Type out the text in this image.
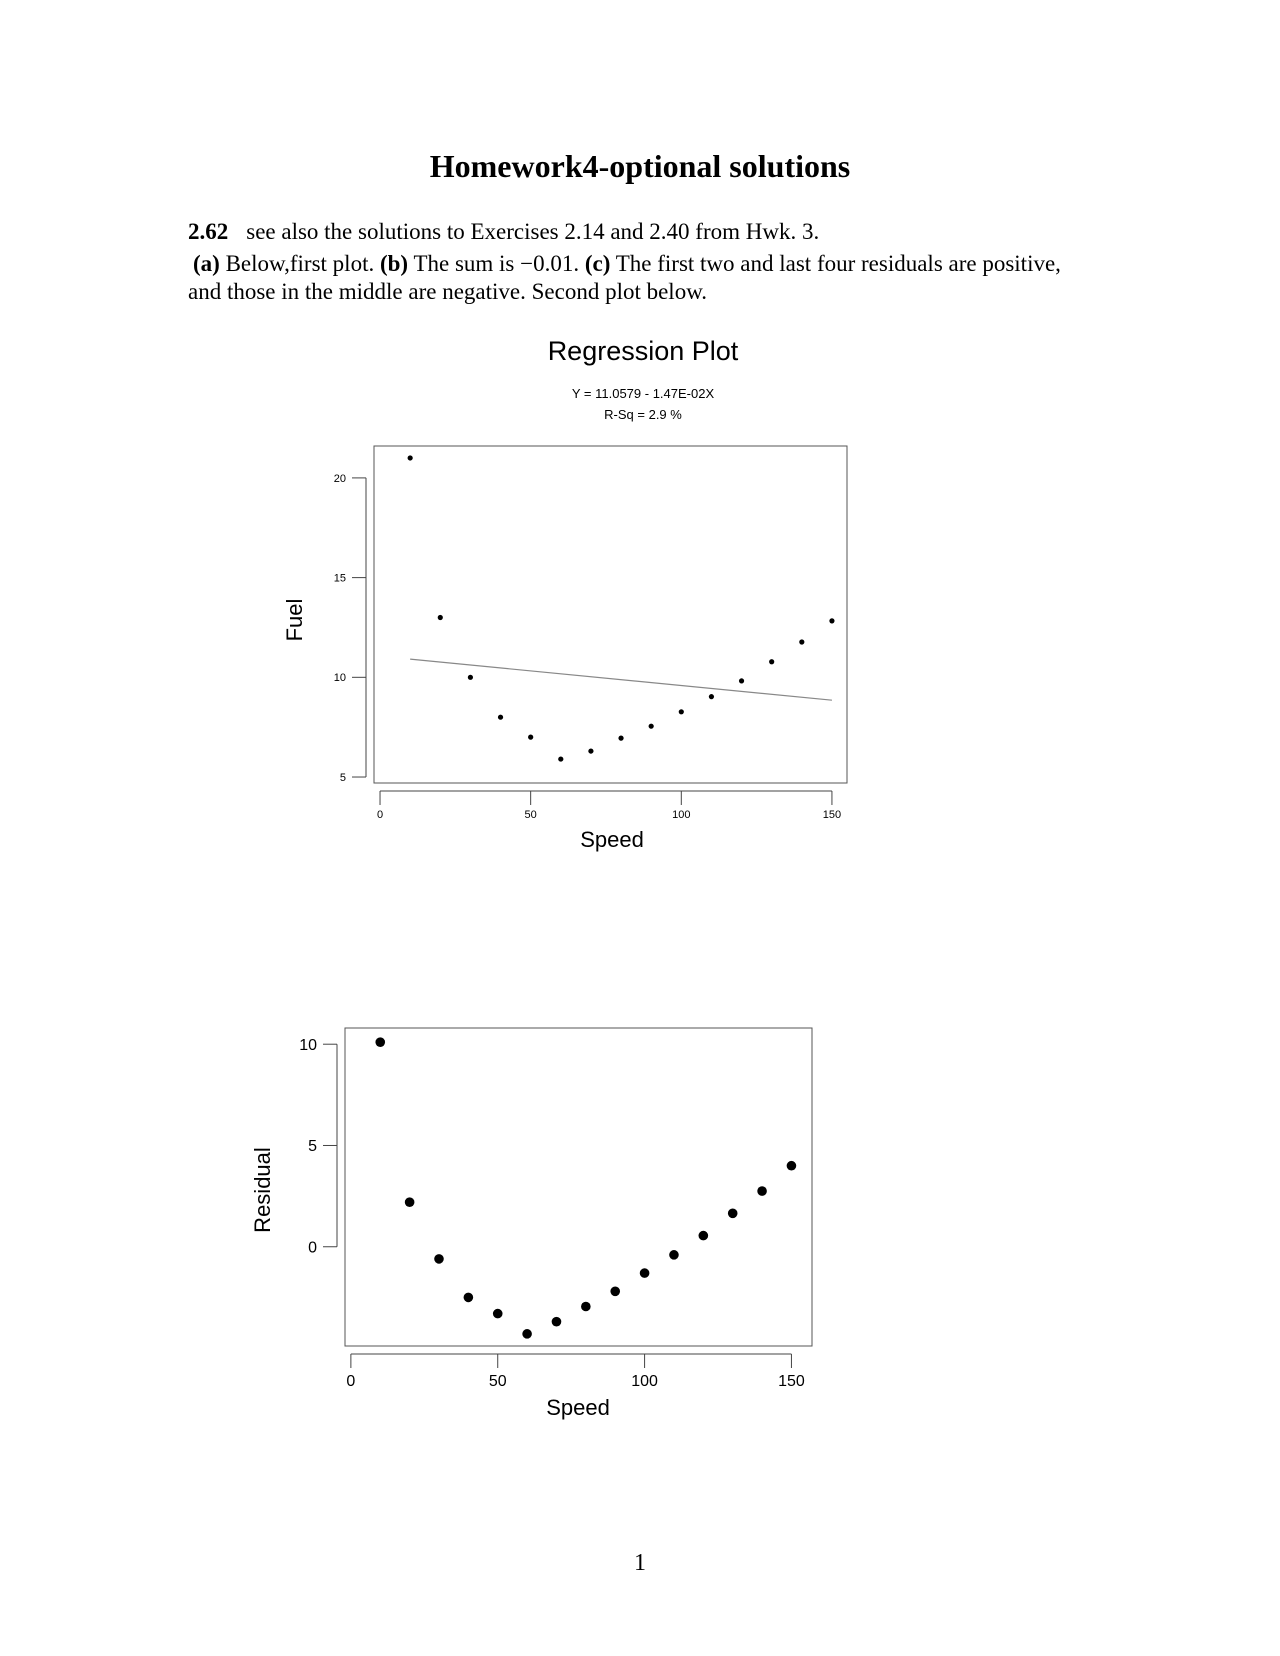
Homework4-optional solutions
2.62 see also the solutions to Exercises 2.14 and 2.40 from Hwk. 3.
(a) Below,first plot. (b) The sum is −0.01. (c) The first two and last four residuals are positive, and those in the middle are negative. Second plot below.
Regression Plot
Y = 11.0579 - 1.47E-02X
R-Sq = 2.9 %
0	50	100	150
5
10
15
20
Fuel
Speed
0	50	100	150
0
5
10
Residual
Speed
1
